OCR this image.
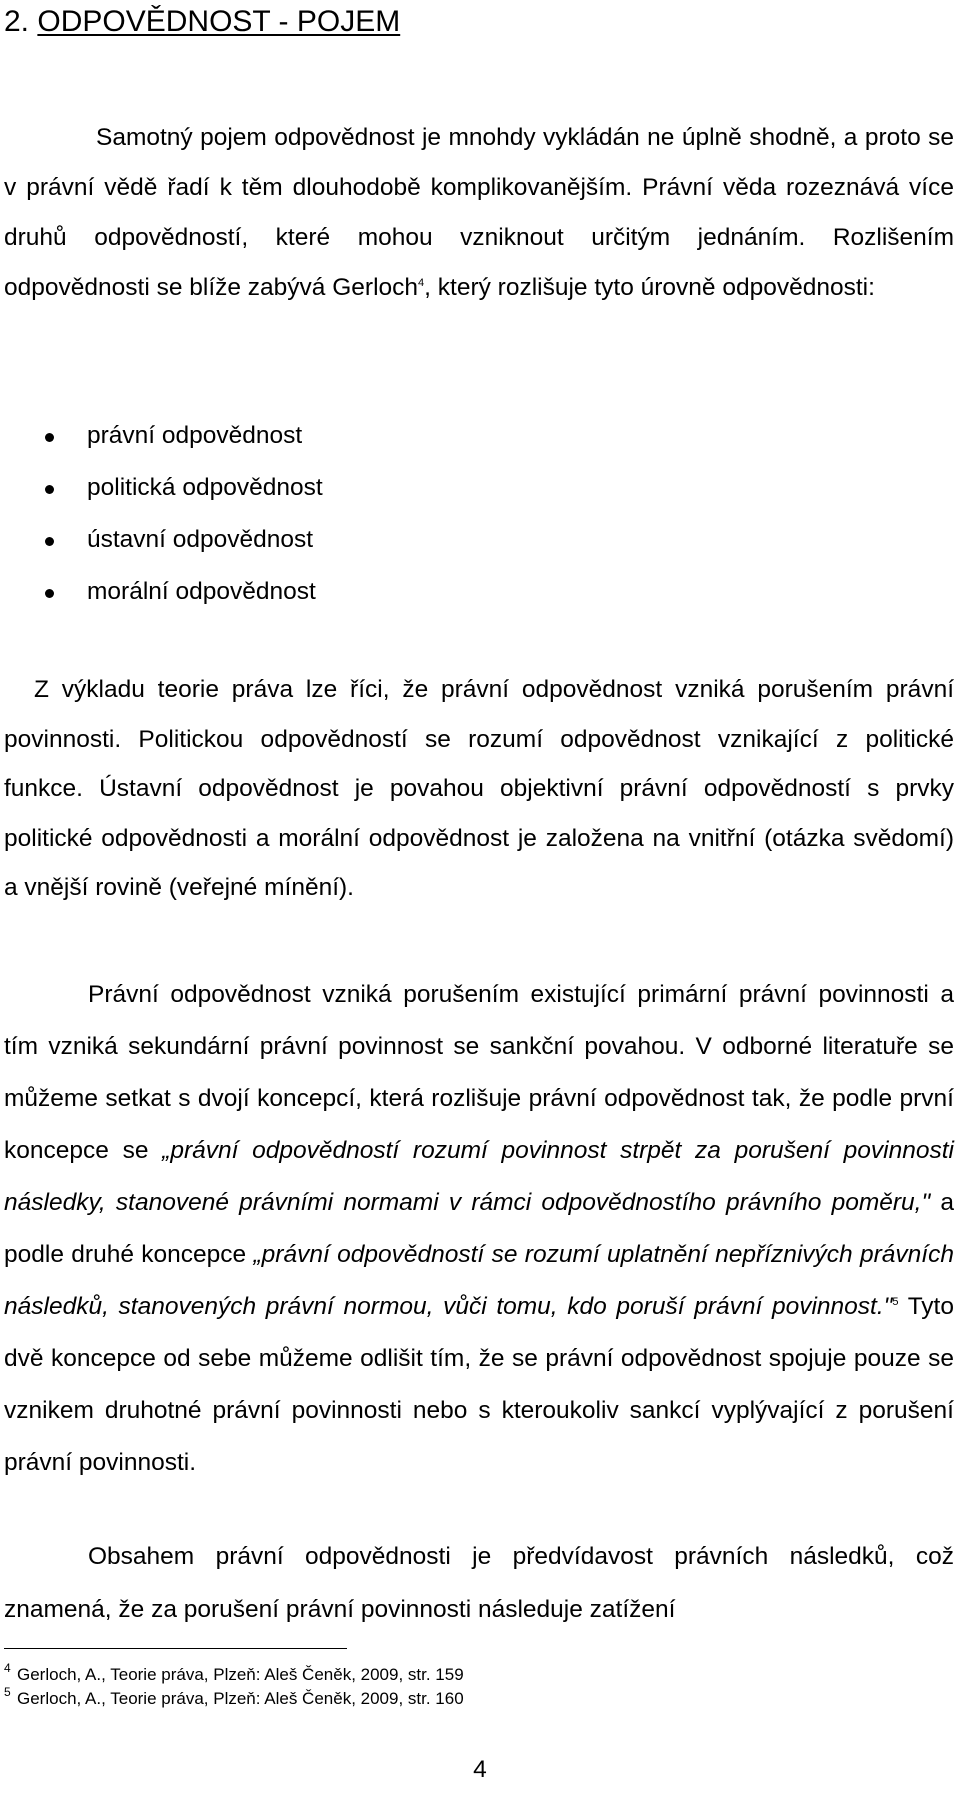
2. ODPOVĚDNOST - POJEM

Samotný pojem odpovědnost je mnohdy vykládán ne úplně shodně, a proto se v právní vědě řadí k těm dlouhodobě komplikovanějším. Právní věda rozeznává více druhů odpovědností, které mohou vzniknout určitým jednáním. Rozlišením odpovědnosti se blíže zabývá Gerloch$^4$, který rozlišuje tyto úrovně odpovědnosti:

právní odpovědnost
politická odpovědnost
ústavní odpovědnost
morální odpovědnost

Z výkladu teorie práva lze říci, že právní odpovědnost vzniká porušením právní povinnosti. Politickou odpovědností se rozumí odpovědnost vznikající z politické funkce. Ústavní odpovědnost je povahou objektivní právní odpovědností s prvky politické odpovědnosti a morální odpovědnost je založena na vnitřní (otázka svědomí) a vnější rovině (veřejné mínění).

Právní odpovědnost vzniká porušením existující primární právní povinnosti a tím vzniká sekundární právní povinnost se sankční povahou. V odborné literatuře se můžeme setkat s dvojí koncepcí, která rozlišuje právní odpovědnost tak, že podle první koncepce se „právní odpovědností rozumí povinnost strpět za porušení povinnosti následky, stanovené právními normami v rámci odpovědnostího právního poměru," a podle druhé koncepce „právní odpovědností se rozumí uplatnění nepříznivých právních následků, stanovených právní normou, vůči tomu, kdo poruší právní povinnost."$^5$ Tyto dvě koncepce od sebe můžeme odlišit tím, že se právní odpovědnost spojuje pouze se vznikem druhotné právní povinnosti nebo s kteroukoliv sankcí vyplývající z porušení právní povinnosti.

Obsahem právní odpovědnosti je předvídavost právních následků, což znamená, že za porušení právní povinnosti následuje zatížení

4 Gerloch, A., Teorie práva, Plzeň: Aleš Čeněk, 2009, str. 159
5 Gerloch, A., Teorie práva, Plzeň: Aleš Čeněk, 2009, str. 160
4
